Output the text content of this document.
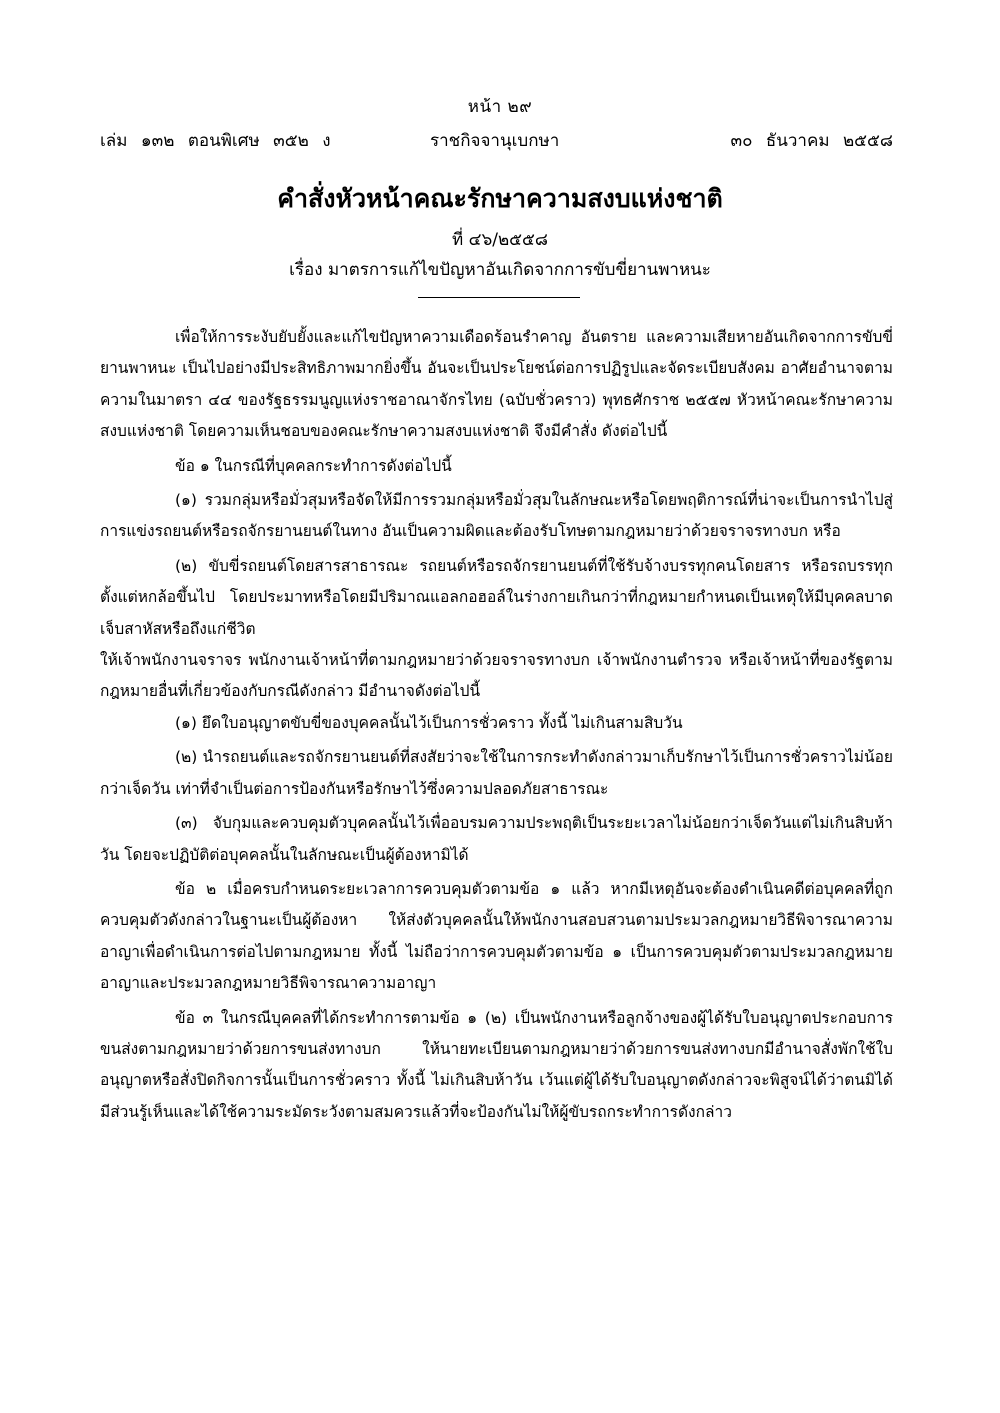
หน้า ๒๙
เล่ม ๑๓๒ ตอนพิเศษ ๓๕๒ ง	ราชกิจจานุเบกษา	๓๐ ธันวาคม ๒๕๕๘
คำสั่งหัวหน้าคณะรักษาความสงบแห่งชาติ
ที่ ๔๖/๒๕๕๘
เรื่อง มาตรการแก้ไขปัญหาอันเกิดจากการขับขี่ยานพาหนะ

เพื่อให้การระงับยับยั้งและแก้ไขปัญหาความเดือดร้อนรำคาญ อันตราย และความเสียหายอันเกิดจากการขับขี่ยานพาหนะ เป็นไปอย่างมีประสิทธิภาพมากยิ่งขึ้น อันจะเป็นประโยชน์ต่อการปฏิรูปและจัดระเบียบสังคม อาศัยอำนาจตามความในมาตรา ๔๔ ของรัฐธรรมนูญแห่งราชอาณาจักรไทย (ฉบับชั่วคราว) พุทธศักราช ๒๕๕๗ หัวหน้าคณะรักษาความสงบแห่งชาติ โดยความเห็นชอบของคณะรักษาความสงบแห่งชาติ จึงมีคำสั่ง ดังต่อไปนี้

ข้อ ๑ ในกรณีที่บุคคลกระทำการดังต่อไปนี้

(๑) รวมกลุ่มหรือมั่วสุมหรือจัดให้มีการรวมกลุ่มหรือมั่วสุมในลักษณะหรือโดยพฤติการณ์ที่น่าจะเป็นการนำไปสู่การแข่งรถยนต์หรือรถจักรยานยนต์ในทาง อันเป็นความผิดและต้องรับโทษตามกฎหมายว่าด้วยจราจรทางบก หรือ

(๒) ขับขี่รถยนต์โดยสารสาธารณะ รถยนต์หรือรถจักรยานยนต์ที่ใช้รับจ้างบรรทุกคนโดยสาร หรือรถบรรทุกตั้งแต่หกล้อขึ้นไป โดยประมาทหรือโดยมีปริมาณแอลกอฮอล์ในร่างกายเกินกว่าที่กฎหมายกำหนดเป็นเหตุให้มีบุคคลบาดเจ็บสาหัสหรือถึงแก่ชีวิต

ให้เจ้าพนักงานจราจร พนักงานเจ้าหน้าที่ตามกฎหมายว่าด้วยจราจรทางบก เจ้าพนักงานตำรวจ หรือเจ้าหน้าที่ของรัฐตามกฎหมายอื่นที่เกี่ยวข้องกับกรณีดังกล่าว มีอำนาจดังต่อไปนี้

(๑) ยึดใบอนุญาตขับขี่ของบุคคลนั้นไว้เป็นการชั่วคราว ทั้งนี้ ไม่เกินสามสิบวัน

(๒) นำรถยนต์และรถจักรยานยนต์ที่สงสัยว่าจะใช้ในการกระทำดังกล่าวมาเก็บรักษาไว้เป็นการชั่วคราวไม่น้อยกว่าเจ็ดวัน เท่าที่จำเป็นต่อการป้องกันหรือรักษาไว้ซึ่งความปลอดภัยสาธารณะ

(๓) จับกุมและควบคุมตัวบุคคลนั้นไว้เพื่ออบรมความประพฤติเป็นระยะเวลาไม่น้อยกว่าเจ็ดวันแต่ไม่เกินสิบห้าวัน โดยจะปฏิบัติต่อบุคคลนั้นในลักษณะเป็นผู้ต้องหามิได้

ข้อ ๒ เมื่อครบกำหนดระยะเวลาการควบคุมตัวตามข้อ ๑ แล้ว หากมีเหตุอันจะต้องดำเนินคดีต่อบุคคลที่ถูกควบคุมตัวดังกล่าวในฐานะเป็นผู้ต้องหา ให้ส่งตัวบุคคลนั้นให้พนักงานสอบสวนตามประมวลกฎหมายวิธีพิจารณาความอาญาเพื่อดำเนินการต่อไปตามกฎหมาย ทั้งนี้ ไม่ถือว่าการควบคุมตัวตามข้อ ๑ เป็นการควบคุมตัวตามประมวลกฎหมายอาญาและประมวลกฎหมายวิธีพิจารณาความอาญา

ข้อ ๓ ในกรณีบุคคลที่ได้กระทำการตามข้อ ๑ (๒) เป็นพนักงานหรือลูกจ้างของผู้ได้รับใบอนุญาตประกอบการขนส่งตามกฎหมายว่าด้วยการขนส่งทางบก ให้นายทะเบียนตามกฎหมายว่าด้วยการขนส่งทางบกมีอำนาจสั่งพักใช้ใบอนุญาตหรือสั่งปิดกิจการนั้นเป็นการชั่วคราว ทั้งนี้ ไม่เกินสิบห้าวัน เว้นแต่ผู้ได้รับใบอนุญาตดังกล่าวจะพิสูจน์ได้ว่าตนมิได้มีส่วนรู้เห็นและได้ใช้ความระมัดระวังตามสมควรแล้วที่จะป้องกันไม่ให้ผู้ขับรถกระทำการดังกล่าว
